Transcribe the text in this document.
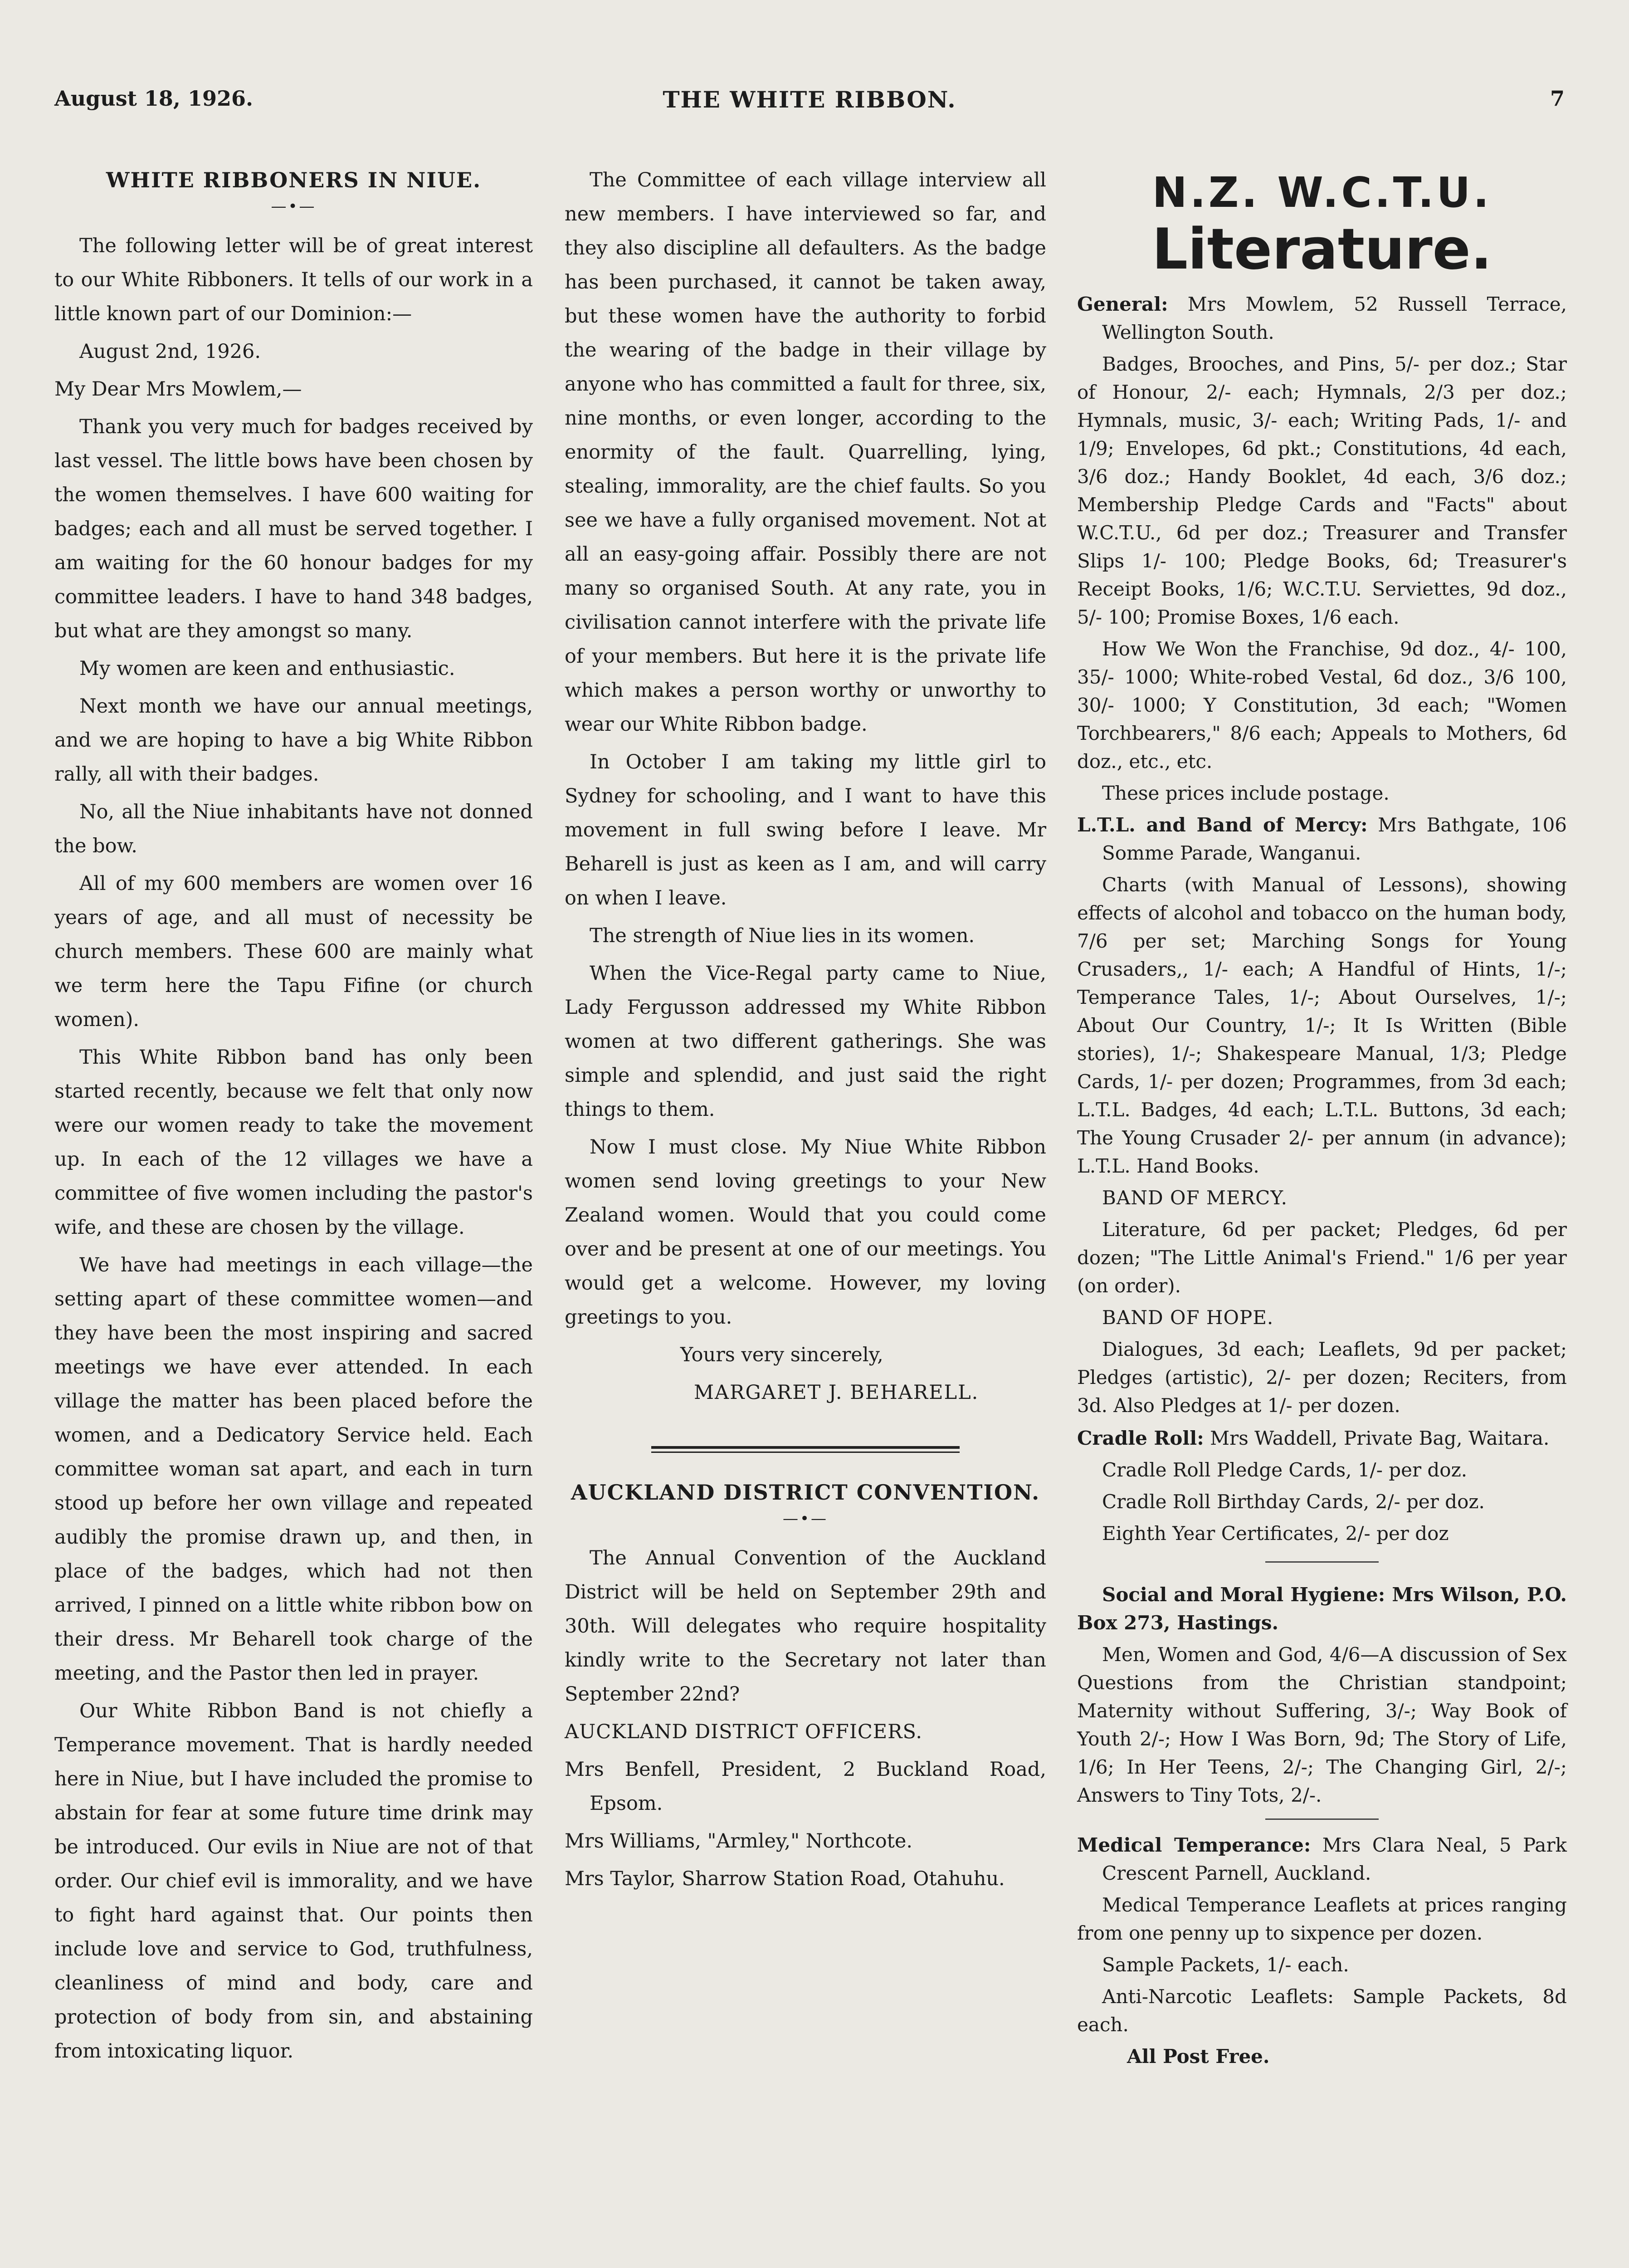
August 18, 1926.	THE WHITE RIBBON.	7
WHITE RIBBONERS IN NIUE.
—•—

The following letter will be of great interest to our White Ribboners. It tells of our work in a little known part of our Dominion:—

August 2nd, 1926.

My Dear Mrs Mowlem,—

Thank you very much for badges received by last vessel. The little bows have been chosen by the women themselves. I have 600 waiting for badges; each and all must be served together. I am waiting for the 60 honour badges for my committee leaders. I have to hand 348 badges, but what are they amongst so many.

My women are keen and enthusiastic.

Next month we have our annual meetings, and we are hoping to have a big White Ribbon rally, all with their badges.

No, all the Niue inhabitants have not donned the bow.

All of my 600 members are women over 16 years of age, and all must of necessity be church members. These 600 are mainly what we term here the Tapu Fifine (or church women).

This White Ribbon band has only been started recently, because we felt that only now were our women ready to take the movement up. In each of the 12 villages we have a committee of five women including the pastor's wife, and these are chosen by the village.

We have had meetings in each village—the setting apart of these committee women—and they have been the most inspiring and sacred meetings we have ever attended. In each village the matter has been placed before the women, and a Dedicatory Service held. Each committee woman sat apart, and each in turn stood up before her own village and repeated audibly the promise drawn up, and then, in place of the badges, which had not then arrived, I pinned on a little white ribbon bow on their dress. Mr Beharell took charge of the meeting, and the Pastor then led in prayer.

Our White Ribbon Band is not chiefly a Temperance movement. That is hardly needed here in Niue, but I have included the promise to abstain for fear at some future time drink may be introduced. Our evils in Niue are not of that order. Our chief evil is immorality, and we have to fight hard against that. Our points then include love and service to God, truthfulness, cleanliness of mind and body, care and protection of body from sin, and abstaining from intoxicating liquor.

The Committee of each village interview all new members. I have interviewed so far, and they also discipline all defaulters. As the badge has been purchased, it cannot be taken away, but these women have the authority to forbid the wearing of the badge in their village by anyone who has committed a fault for three, six, nine months, or even longer, according to the enormity of the fault. Quarrelling, lying, stealing, immorality, are the chief faults. So you see we have a fully organised movement. Not at all an easy-going affair. Possibly there are not many so organised South. At any rate, you in civilisation cannot interfere with the private life of your members. But here it is the private life which makes a person worthy or unworthy to wear our White Ribbon badge.

In October I am taking my little girl to Sydney for schooling, and I want to have this movement in full swing before I leave. Mr Beharell is just as keen as I am, and will carry on when I leave.

The strength of Niue lies in its women.

When the Vice-Regal party came to Niue, Lady Fergusson addressed my White Ribbon women at two different gatherings. She was simple and splendid, and just said the right things to them.

Now I must close. My Niue White Ribbon women send loving greetings to your New Zealand women. Would that you could come over and be present at one of our meetings. You would get a welcome. However, my loving greetings to you.

Yours very sincerely,

MARGARET J. BEHARELL.

AUCKLAND DISTRICT CONVENTION.
—•—

The Annual Convention of the Auckland District will be held on September 29th and 30th. Will delegates who require hospitality kindly write to the Secretary not later than September 22nd?

AUCKLAND DISTRICT OFFICERS.

Mrs Benfell, President, 2 Buckland Road, Epsom.

Mrs Williams, "Armley," Northcote.

Mrs Taylor, Sharrow Station Road, Otahuhu.

N.Z. W.C.T.U.
Literature.

General: Mrs Mowlem, 52 Russell Terrace, Wellington South.

Badges, Brooches, and Pins, 5/- per doz.; Star of Honour, 2/- each; Hymnals, 2/3 per doz.; Hymnals, music, 3/- each; Writing Pads, 1/- and 1/9; Envelopes, 6d pkt.; Constitutions, 4d each, 3/6 doz.; Handy Booklet, 4d each, 3/6 doz.; Membership Pledge Cards and "Facts" about W.C.T.U., 6d per doz.; Treasurer and Transfer Slips 1/- 100; Pledge Books, 6d; Treasurer's Receipt Books, 1/6; W.C.T.U. Serviettes, 9d doz., 5/- 100; Promise Boxes, 1/6 each.

How We Won the Franchise, 9d doz., 4/- 100, 35/- 1000; White-robed Vestal, 6d doz., 3/6 100, 30/- 1000; Y Constitution, 3d each; "Women Torchbearers," 8/6 each; Appeals to Mothers, 6d doz., etc., etc.

These prices include postage.

L.T.L. and Band of Mercy: Mrs Bathgate, 106 Somme Parade, Wanganui.

Charts (with Manual of Lessons), showing effects of alcohol and tobacco on the human body, 7/6 per set; Marching Songs for Young Crusaders,, 1/- each; A Handful of Hints, 1/-; Temperance Tales, 1/-; About Ourselves, 1/-; About Our Country, 1/-; It Is Written (Bible stories), 1/-; Shakespeare Manual, 1/3; Pledge Cards, 1/- per dozen; Programmes, from 3d each; L.T.L. Badges, 4d each; L.T.L. Buttons, 3d each; The Young Crusader 2/- per annum (in advance); L.T.L. Hand Books.

BAND OF MERCY.

Literature, 6d per packet; Pledges, 6d per dozen; "The Little Animal's Friend." 1/6 per year (on order).

BAND OF HOPE.

Dialogues, 3d each; Leaflets, 9d per packet; Pledges (artistic), 2/- per dozen; Reciters, from 3d. Also Pledges at 1/- per dozen.

Cradle Roll: Mrs Waddell, Private Bag, Waitara.

Cradle Roll Pledge Cards, 1/- per doz.

Cradle Roll Birthday Cards, 2/- per doz.

Eighth Year Certificates, 2/- per doz

Social and Moral Hygiene: Mrs Wilson, P.O. Box 273, Hastings.

Men, Women and God, 4/6—A discussion of Sex Questions from the Christian standpoint; Maternity without Suffering, 3/-; Way Book of Youth 2/-; How I Was Born, 9d; The Story of Life, 1/6; In Her Teens, 2/-; The Changing Girl, 2/-; Answers to Tiny Tots, 2/-.

Medical Temperance: Mrs Clara Neal, 5 Park Crescent Parnell, Auckland.

Medical Temperance Leaflets at prices ranging from one penny up to sixpence per dozen.

Sample Packets, 1/- each.

Anti-Narcotic Leaflets: Sample Packets, 8d each.

All Post Free.
